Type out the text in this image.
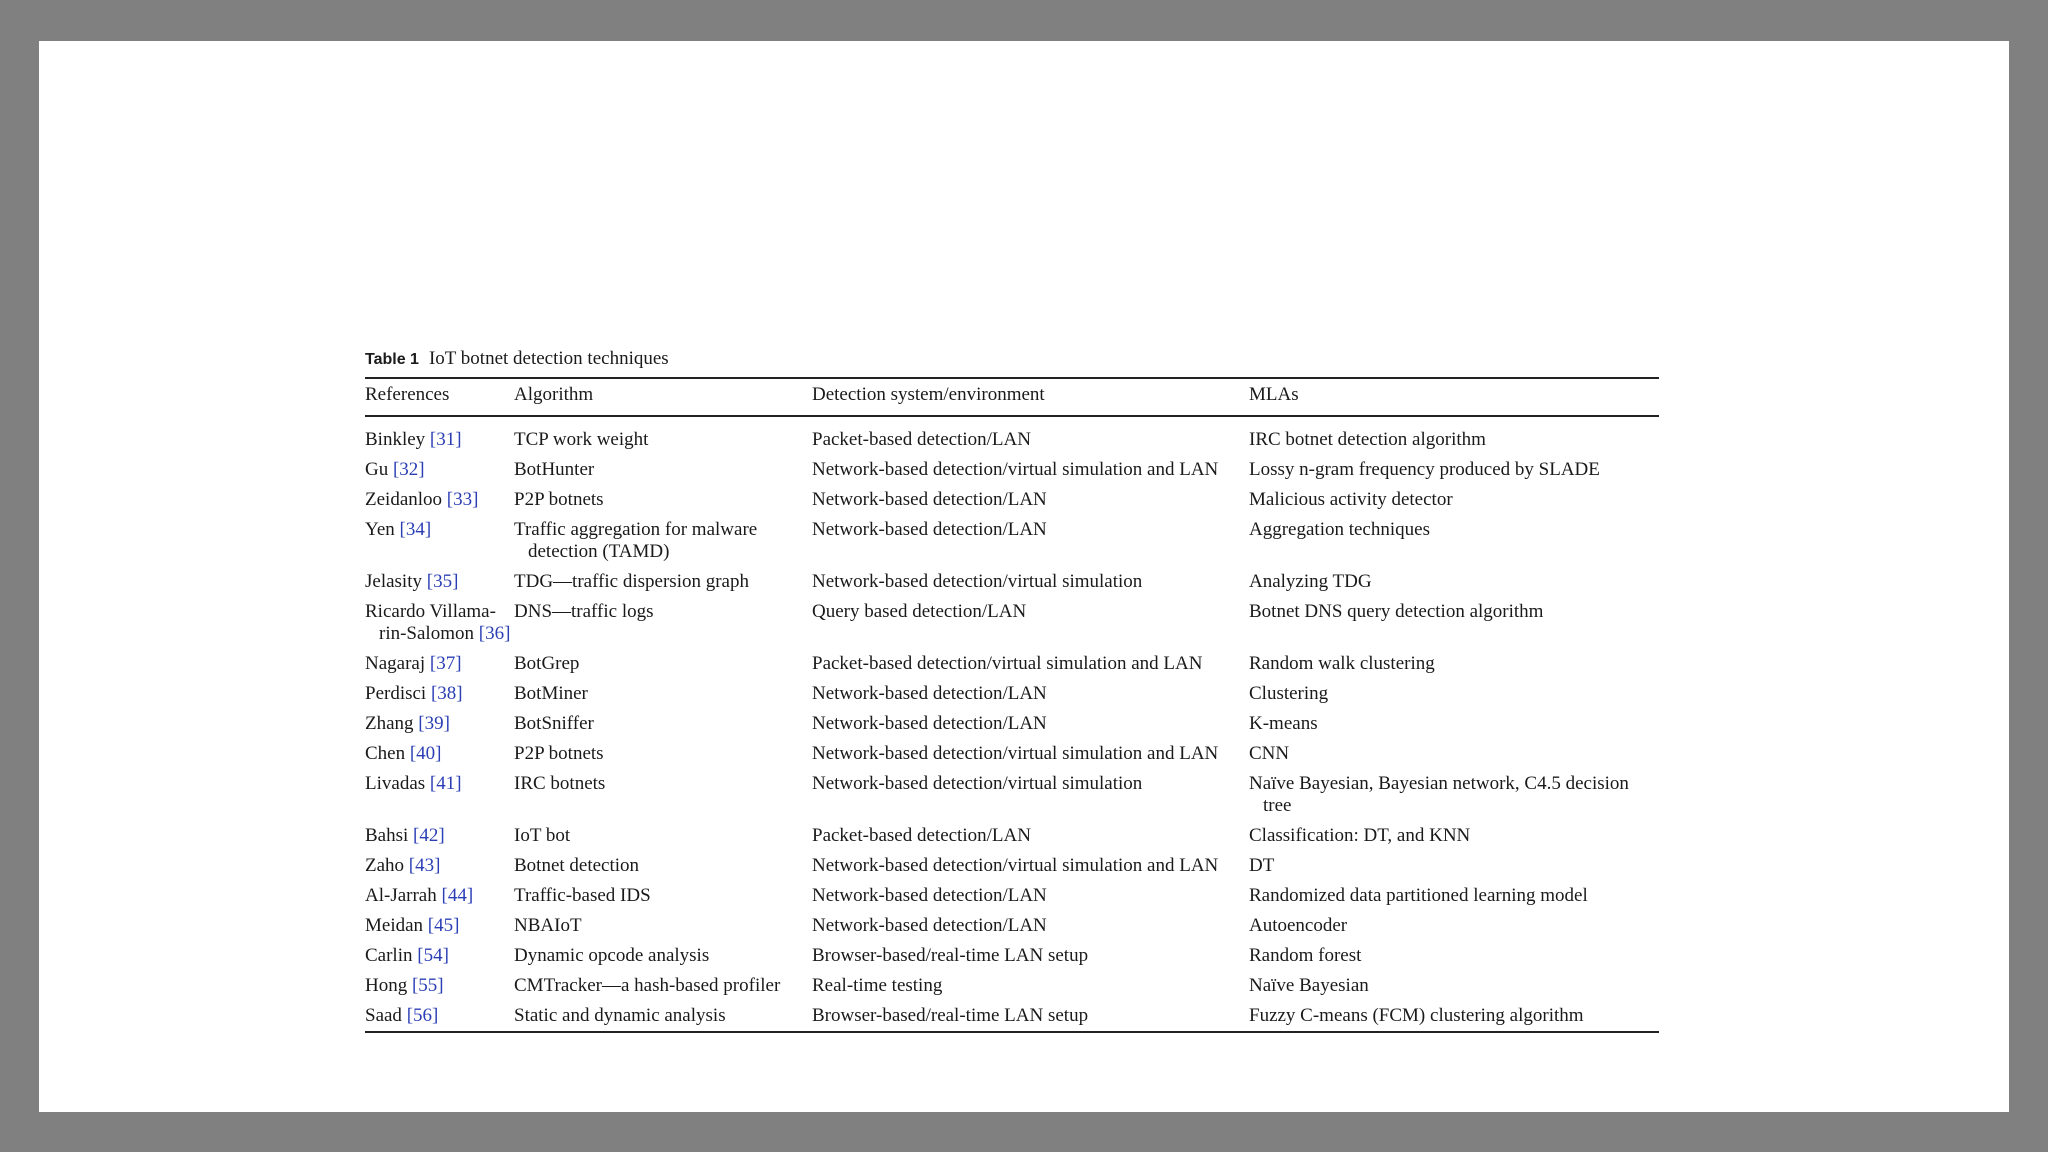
Table 1 IoT botnet detection techniques
References	Algorithm	Detection system/environment	MLAs

Binkley [31]	TCP work weight	Packet-based detection/LAN	IRC botnet detection algorithm

Gu [32]	BotHunter	Network-based detection/virtual simulation and LAN	Lossy n-gram frequency produced by SLADE

Zeidanloo [33]	P2P botnets	Network-based detection/LAN	Malicious activity detector

Yen [34]	Traffic aggregation for malware detection (TAMD)	Network-based detection/LAN	Aggregation techniques

Jelasity [35]	TDG—traffic dispersion graph	Network-based detection/virtual simulation	Analyzing TDG

Ricardo Villama-rin-Salomon [36]	DNS—traffic logs	Query based detection/LAN	Botnet DNS query detection algorithm

Nagaraj [37]	BotGrep	Packet-based detection/virtual simulation and LAN	Random walk clustering

Perdisci [38]	BotMiner	Network-based detection/LAN	Clustering

Zhang [39]	BotSniffer	Network-based detection/LAN	K-means

Chen [40]	P2P botnets	Network-based detection/virtual simulation and LAN	CNN

Livadas [41]	IRC botnets	Network-based detection/virtual simulation	Naïve Bayesian, Bayesian network, C4.5 decision tree

Bahsi [42]	IoT bot	Packet-based detection/LAN	Classification: DT, and KNN

Zaho [43]	Botnet detection	Network-based detection/virtual simulation and LAN	DT

Al-Jarrah [44]	Traffic-based IDS	Network-based detection/LAN	Randomized data partitioned learning model

Meidan [45]	NBAIoT	Network-based detection/LAN	Autoencoder

Carlin [54]	Dynamic opcode analysis	Browser-based/real-time LAN setup	Random forest

Hong [55]	CMTracker—a hash-based profiler	Real-time testing	Naïve Bayesian

Saad [56]	Static and dynamic analysis	Browser-based/real-time LAN setup	Fuzzy C-means (FCM) clustering algorithm
